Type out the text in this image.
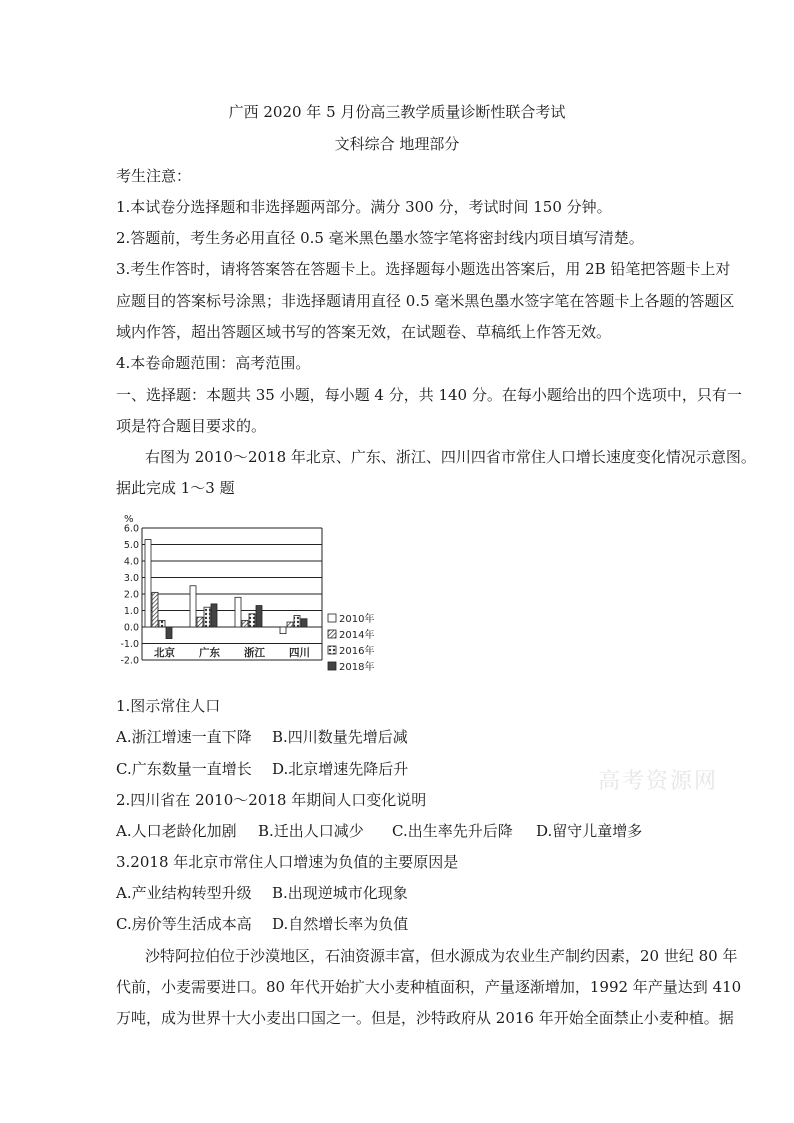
广西 2020 年 5 月份高三教学质量诊断性联合考试
文科综合 地理部分
考生注意：
1.本试卷分选择题和非选择题两部分。满分 300 分，考试时间 150 分钟。
2.答题前，考生务必用直径 0.5 毫米黑色墨水签字笔将密封线内项目填写清楚。
3.考生作答时，请将答案答在答题卡上。选择题每小题选出答案后，用 2B 铅笔把答题卡上对
应题目的答案标号涂黑；非选择题请用直径 0.5 毫米黑色墨水签字笔在答题卡上各题的答题区
域内作答，超出答题区域书写的答案无效，在试题卷、草稿纸上作答无效。
4.本卷命题范围：高考范围。
一、选择题：本题共 35 小题，每小题 4 分，共 140 分。在每小题给出的四个选项中，只有一
项是符合题目要求的。
右图为 2010～2018 年北京、广东、浙江、四川四省市常住人口增长速度变化情况示意图。
据此完成 1～3 题
%
6.0
5.0
4.0
3.0
2.0
1.0
0.0
-1.0
-2.0
北京 广东 浙江 四川
2010年
2014年
2016年
2018年
1.图示常住人口
A.浙江增速一直下降 B.四川数量先增后减
C.广东数量一直增长 D.北京增速先降后升
2.四川省在 2010～2018 年期间人口变化说明
A.人口老龄化加剧 B.迁出人口减少 C.出生率先升后降 D.留守儿童增多
3.2018 年北京市常住人口增速为负值的主要原因是
A.产业结构转型升级 B.出现逆城市化现象
C.房价等生活成本高 D.自然增长率为负值
沙特阿拉伯位于沙漠地区，石油资源丰富，但水源成为农业生产制约因素，20 世纪 80 年
代前，小麦需要进口。80 年代开始扩大小麦种植面积，产量逐渐增加，1992 年产量达到 410
万吨，成为世界十大小麦出口国之一。但是，沙特政府从 2016 年开始全面禁止小麦种植。据
高考资源网
